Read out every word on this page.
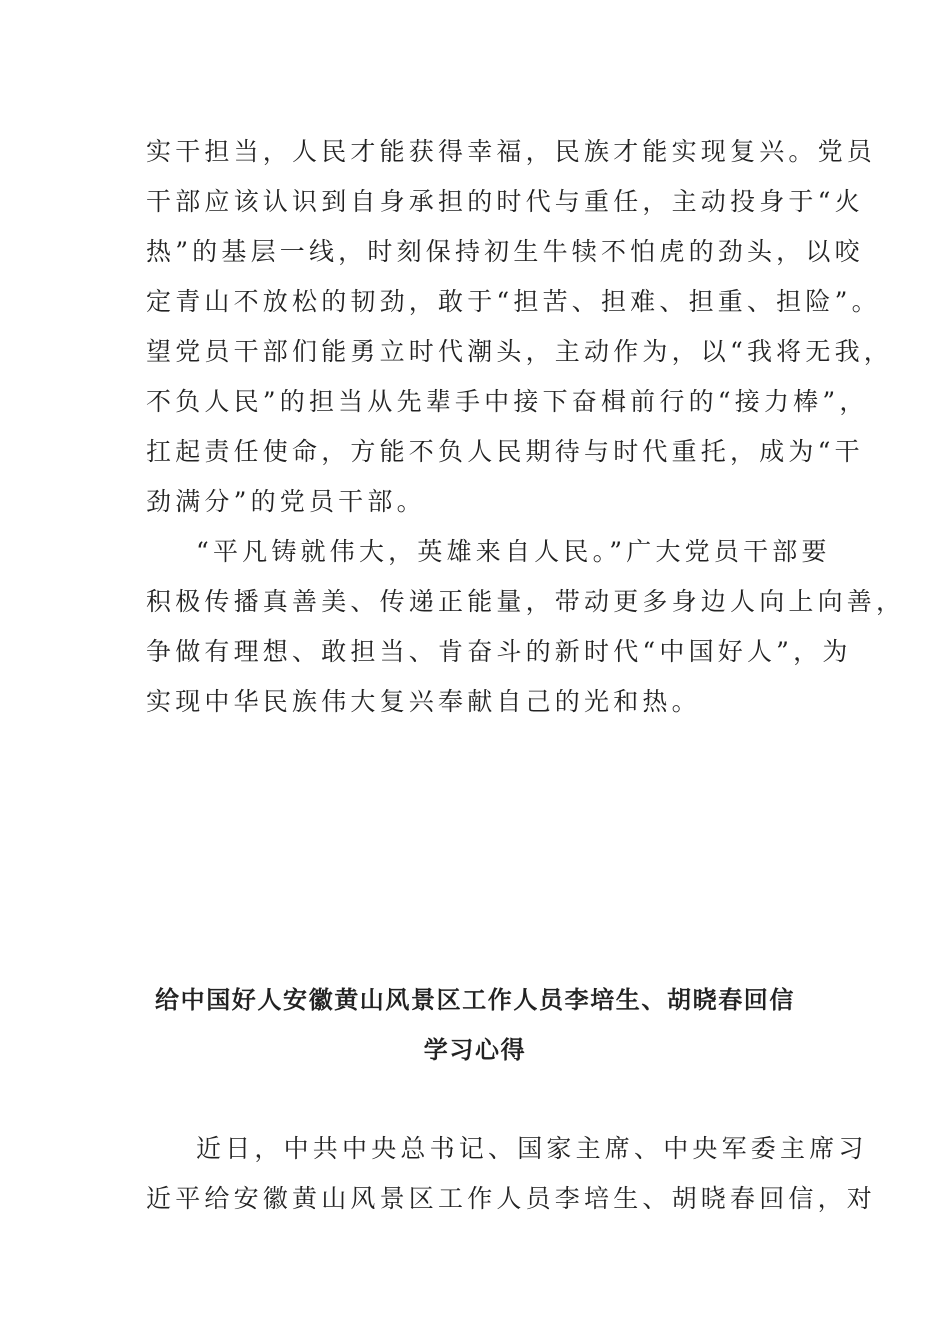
实干担当，人民才能获得幸福，民族才能实现复兴。党员
干部应该认识到自身承担的时代与重任，主动投身于“火
热”的基层一线，时刻保持初生牛犊不怕虎的劲头，以咬
定青山不放松的韧劲，敢于“担苦、担难、担重、担险”。
望党员干部们能勇立时代潮头，主动作为，以“我将无我，
不负人民”的担当从先辈手中接下奋楫前行的“接力棒”，
扛起责任使命，方能不负人民期待与时代重托，成为“干
劲满分”的党员干部。
“平凡铸就伟大，英雄来自人民。”广大党员干部要
积极传播真善美、传递正能量，带动更多身边人向上向善，
争做有理想、敢担当、肯奋斗的新时代“中国好人”，为
实现中华民族伟大复兴奉献自己的光和热。
给中国好人安徽黄山风景区工作人员李培生、胡晓春回信
学习心得
近日，中共中央总书记、国家主席、中央军委主席习
近平给安徽黄山风景区工作人员李培生、胡晓春回信，对
